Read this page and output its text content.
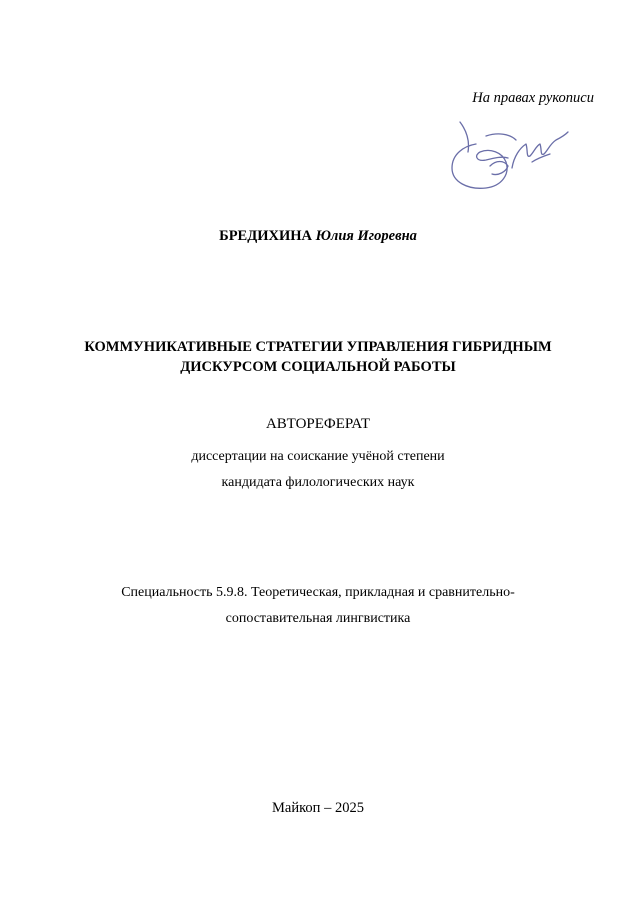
На правах рукописи
БРЕДИХИНА Юлия Игоревна
КОММУНИКАТИВНЫЕ СТРАТЕГИИ УПРАВЛЕНИЯ ГИБРИДНЫМ
ДИСКУРСОМ СОЦИАЛЬНОЙ РАБОТЫ
АВТОРЕФЕРАТ
диссертации на соискание учёной степени
кандидата филологических наук
Специальность 5.9.8. Теоретическая, прикладная и сравнительно-
сопоставительная лингвистика
Майкоп – 2025
